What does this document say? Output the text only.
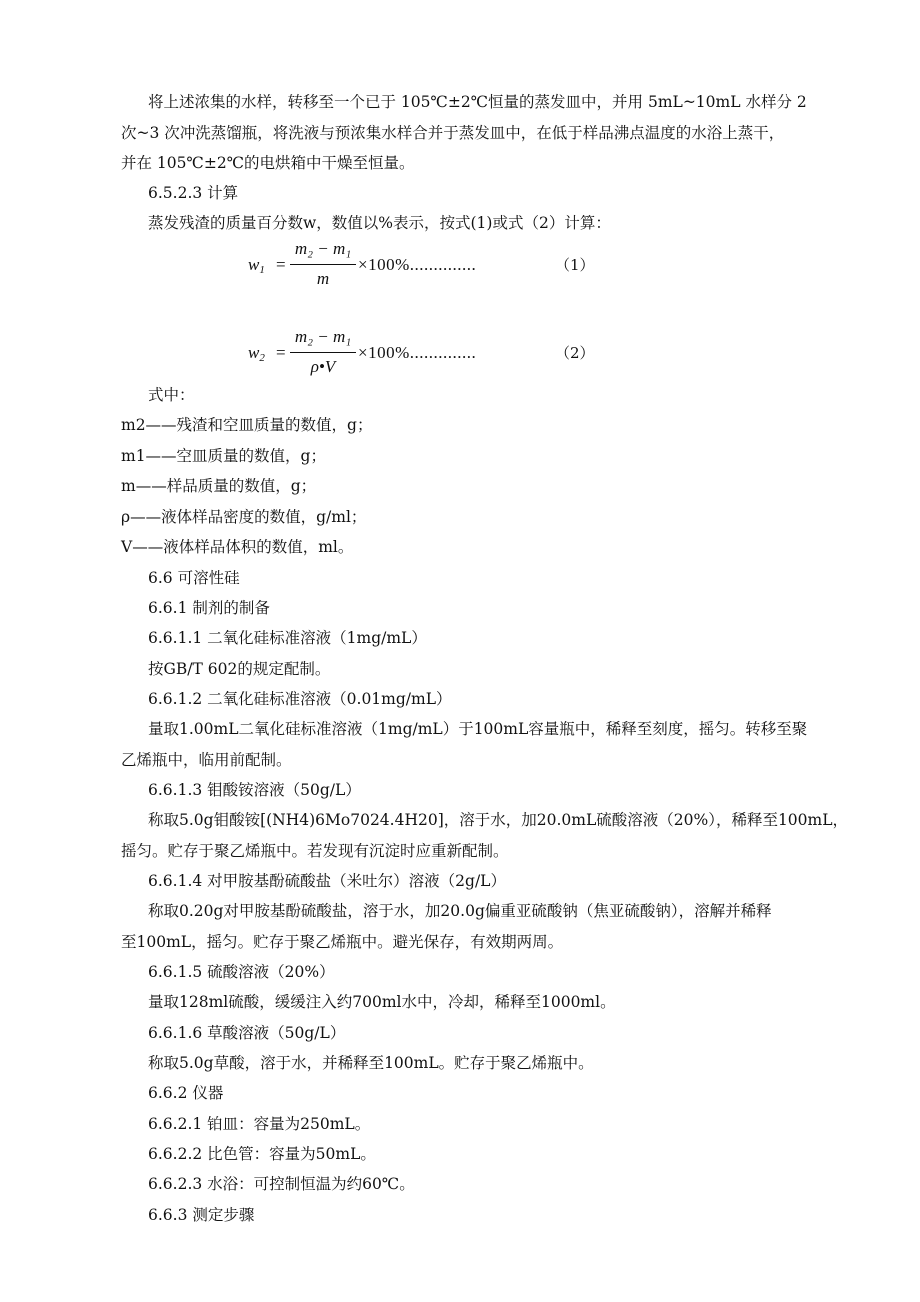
将上述浓集的水样，转移至一个已于 105℃±2℃恒量的蒸发皿中，并用 5mL~10mL 水样分 2
次~3 次冲洗蒸馏瓶，将洗液与预浓集水样合并于蒸发皿中，在低于样品沸点温度的水浴上蒸干，
并在 105℃±2℃的电烘箱中干燥至恒量。
6.5.2.3 计算
蒸发残渣的质量百分数w，数值以%表示，按式(1)或式（2）计算：
$w_1$ =
m₂ − m₁
m
×100%..............	（1）
$w_2$ =
m₂ − m₁
ρ•V
×100%..............	（2）
式中：
m2——残渣和空皿质量的数值，g；
m1——空皿质量的数值，g；
m——样品质量的数值，g；
ρ——液体样品密度的数值，g/ml；
V——液体样品体积的数值，ml。
6.6 可溶性硅
6.6.1 制剂的制备
6.6.1.1 二氧化硅标准溶液（1mg/mL）
按GB/T 602的规定配制。
6.6.1.2 二氧化硅标准溶液（0.01mg/mL）
量取1.00mL二氧化硅标准溶液（1mg/mL）于100mL容量瓶中，稀释至刻度，摇匀。转移至聚
乙烯瓶中，临用前配制。
6.6.1.3 钼酸铵溶液（50g/L）
称取5.0g钼酸铵[(NH4)6Mo7024.4H20]，溶于水，加20.0mL硫酸溶液（20%），稀释至100mL，
摇匀。贮存于聚乙烯瓶中。若发现有沉淀时应重新配制。
6.6.1.4 对甲胺基酚硫酸盐（米吐尔）溶液（2g/L）
称取0.20g对甲胺基酚硫酸盐，溶于水，加20.0g偏重亚硫酸钠（焦亚硫酸钠），溶解并稀释
至100mL，摇匀。贮存于聚乙烯瓶中。避光保存，有效期两周。
6.6.1.5 硫酸溶液（20%）
量取128ml硫酸，缓缓注入约700ml水中，冷却，稀释至1000ml。
6.6.1.6 草酸溶液（50g/L）
称取5.0g草酸，溶于水，并稀释至100mL。贮存于聚乙烯瓶中。
6.6.2 仪器
6.6.2.1 铂皿：容量为250mL。
6.6.2.2 比色管：容量为50mL。
6.6.2.3 水浴：可控制恒温为约60℃。
6.6.3 测定步骤
